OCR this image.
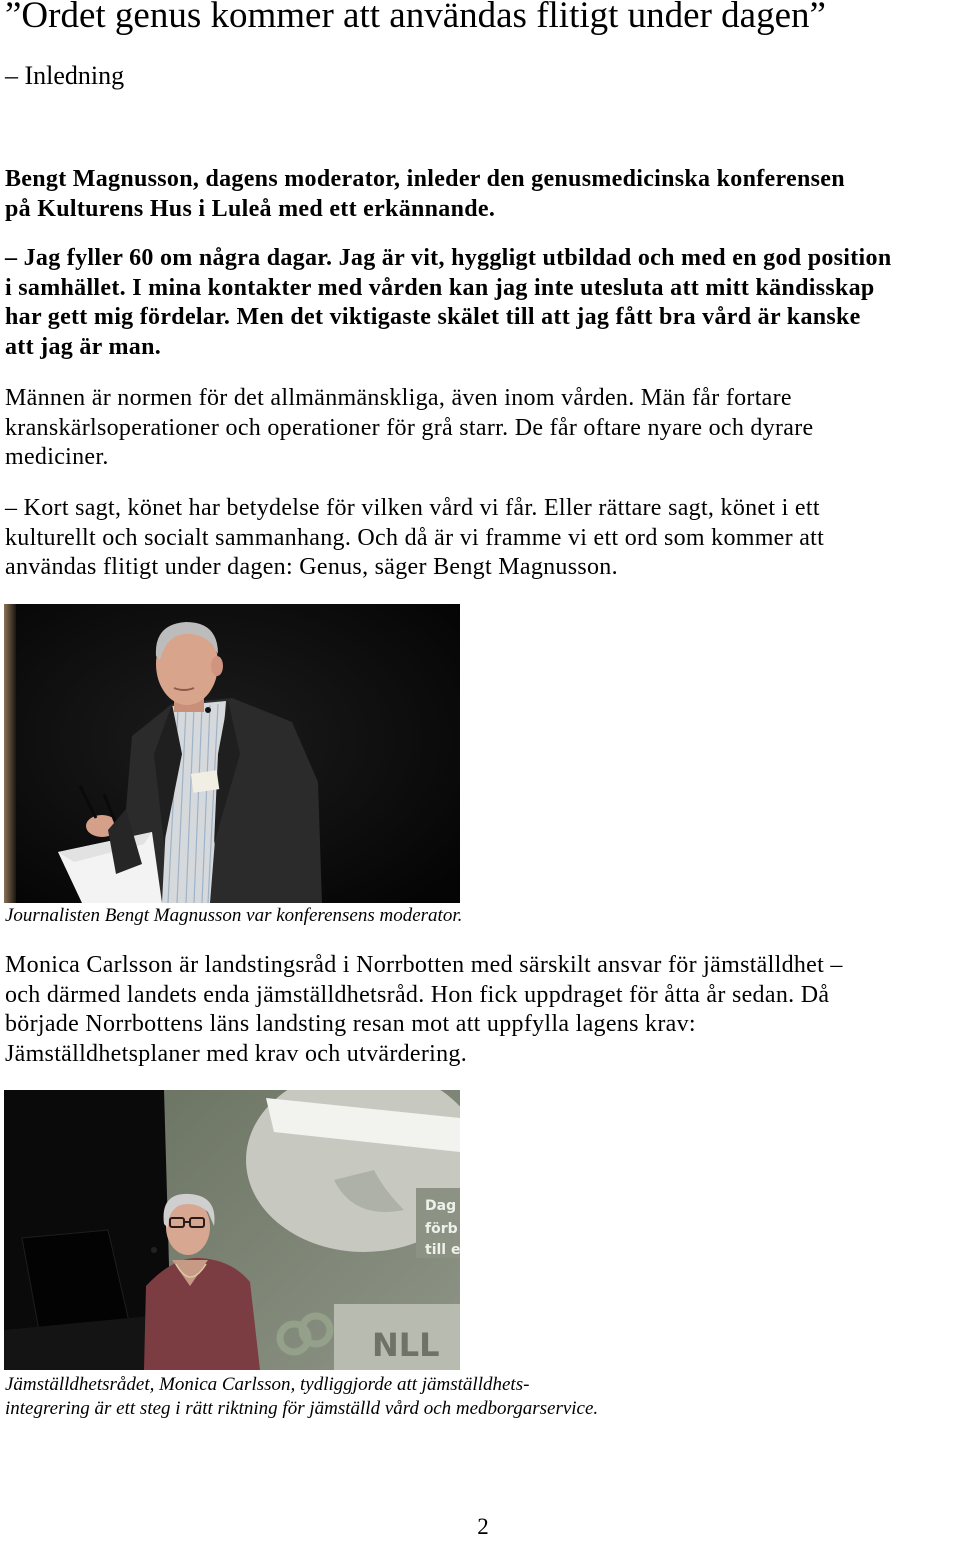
”Ordet genus kommer att användas flitigt under dagen”
– Inledning
Bengt Magnusson, dagens moderator, inleder den genusmedicinska konferensen
på Kulturens Hus i Luleå med ett erkännande.
– Jag fyller 60 om några dagar. Jag är vit, hyggligt utbildad och med en god position
i samhället. I mina kontakter med vården kan jag inte utesluta att mitt kändisskap
har gett mig fördelar. Men det viktigaste skälet till att jag fått bra vård är kanske
att jag är man.
Männen är normen för det allmänmänskliga, även inom vården. Män får fortare
kranskärlsoperationer och operationer för grå starr. De får oftare nyare och dyrare
mediciner.
– Kort sagt, könet har betydelse för vilken vård vi får. Eller rättare sagt, könet i ett
kulturellt och socialt sammanhang. Och då är vi framme vi ett ord som kommer att
användas flitigt under dagen: Genus, säger Bengt Magnusson.
Journalisten Bengt Magnusson var konferensens moderator.
Monica Carlsson är landstingsråd i Norrbotten med särskilt ansvar för jämställdhet –
och därmed landets enda jämställdhetsråd. Hon fick uppdraget för åtta år sedan. Då
började Norrbottens läns landsting resan mot att uppfylla lagens krav:
Jämställdhetsplaner med krav och utvärdering.
Dag
förb
till e
NLL
Jämställdhetsrådet, Monica Carlsson, tydliggjorde att jämställdhets-
integrering är ett steg i rätt riktning för jämställd vård och medborgarservice.
2
